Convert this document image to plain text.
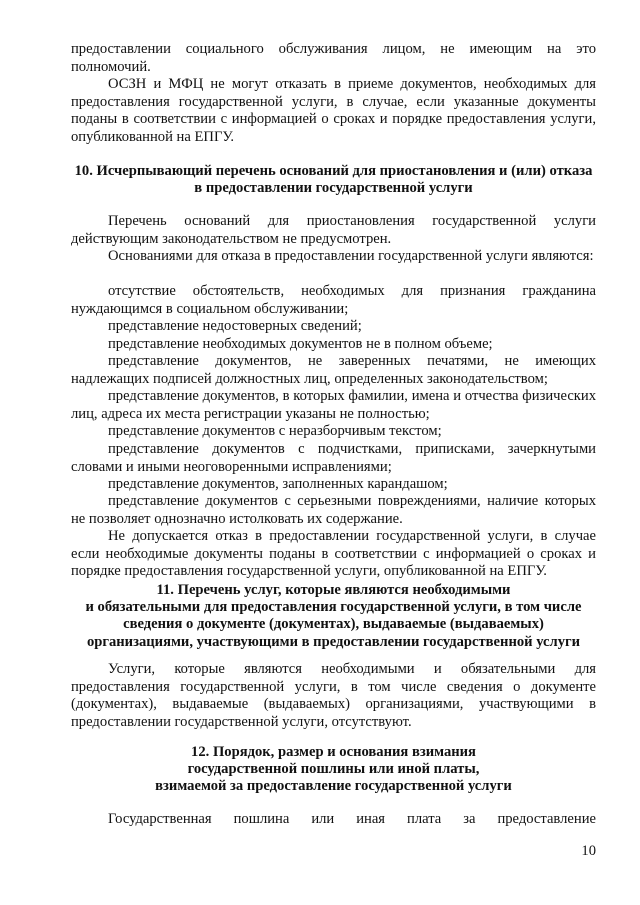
предоставлении социального обслуживания лицом, не имеющим на это полномочий.

ОСЗН и МФЦ не могут отказать в приеме документов, необходимых для предоставления государственной услуги, в случае, если указанные документы поданы в соответствии с информацией о сроках и порядке предоставления услуги, опубликованной на ЕПГУ.

10. Исчерпывающий перечень оснований для приостановления и (или) отказа в предоставлении государственной услуги

Перечень оснований для приостановления государственной услуги действующим законодательством не предусмотрен.

Основаниями для отказа в предоставлении государственной услуги являются:

отсутствие обстоятельств, необходимых для признания гражданина нуждающимся в социальном обслуживании;

представление недостоверных сведений;

представление необходимых документов не в полном объеме;

представление документов, не заверенных печатями, не имеющих надлежащих подписей должностных лиц, определенных законодательством;

представление документов, в которых фамилии, имена и отчества физических лиц, адреса их места регистрации указаны не полностью;

представление документов с неразборчивым текстом;

представление документов с подчистками, приписками, зачеркнутыми словами и иными неоговоренными исправлениями;

представление документов, заполненных карандашом;

представление документов с серьезными повреждениями, наличие которых не позволяет однозначно истолковать их содержание.

Не допускается отказ в предоставлении государственной услуги, в случае если необходимые документы поданы в соответствии с информацией о сроках и порядке предоставления государственной услуги, опубликованной на ЕПГУ.

11. Перечень услуг, которые являются необходимыми
и обязательными для предоставления государственной услуги, в том числе
сведения о документе (документах), выдаваемые (выдаваемых)
организациями, участвующими в предоставлении государственной услуги

Услуги, которые являются необходимыми и обязательными для предоставления государственной услуги, в том числе сведения о документе (документах), выдаваемые (выдаваемых) организациями, участвующими в предоставлении государственной услуги, отсутствуют.

12. Порядок, размер и основания взимания
государственной пошлины или иной платы,
взимаемой за предоставление государственной услуги

Государственная пошлина или иная плата за предоставление

10
